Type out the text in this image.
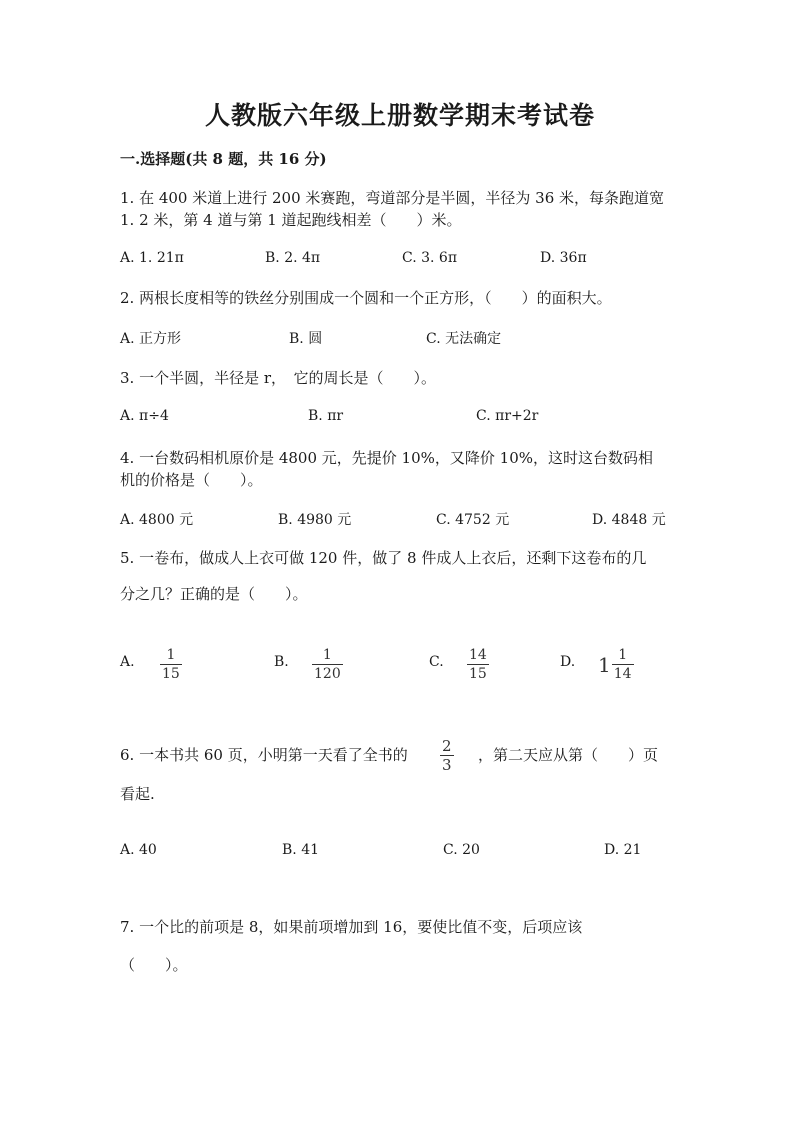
人教版六年级上册数学期末考试卷
一.选择题(共 8 题，共 16 分)
1. 在 400 米道上进行 200 米赛跑，弯道部分是半圆，半径为 36 米，每条跑道宽
1. 2 米，第 4 道与第 1 道起跑线相差（　　）米。
A. 1. 21π	B. 2. 4π	C. 3. 6π	D. 36π
2. 两根长度相等的铁丝分别围成一个圆和一个正方形，（　　）的面积大。
A. 正方形	B. 圆	C. 无法确定
3. 一个半圆，半径是 r，　它的周长是（　　）。
A. π÷4	B. πr	C. πr+2r
4. 一台数码相机原价是 4800 元，先提价 10%，又降价 10%，这时这台数码相
机的价格是（　　）。
A. 4800 元	B. 4980 元	C. 4752 元	D. 4848 元
5. 一卷布，做成人上衣可做 120 件，做了 8 件成人上衣后，还剩下这卷布的几
分之几？正确的是（　　）。
A. 1
15
B. 1
120
C. 14
15
D. $1 \frac{1}{14}$
6. 一本书共 60 页，小明第一天看了全书的 2
3
，第二天应从第（　　）页
看起.
A. 40	B. 41	C. 20	D. 21
7. 一个比的前项是 8，如果前项增加到 16，要使比值不变，后项应该
（　　）。
